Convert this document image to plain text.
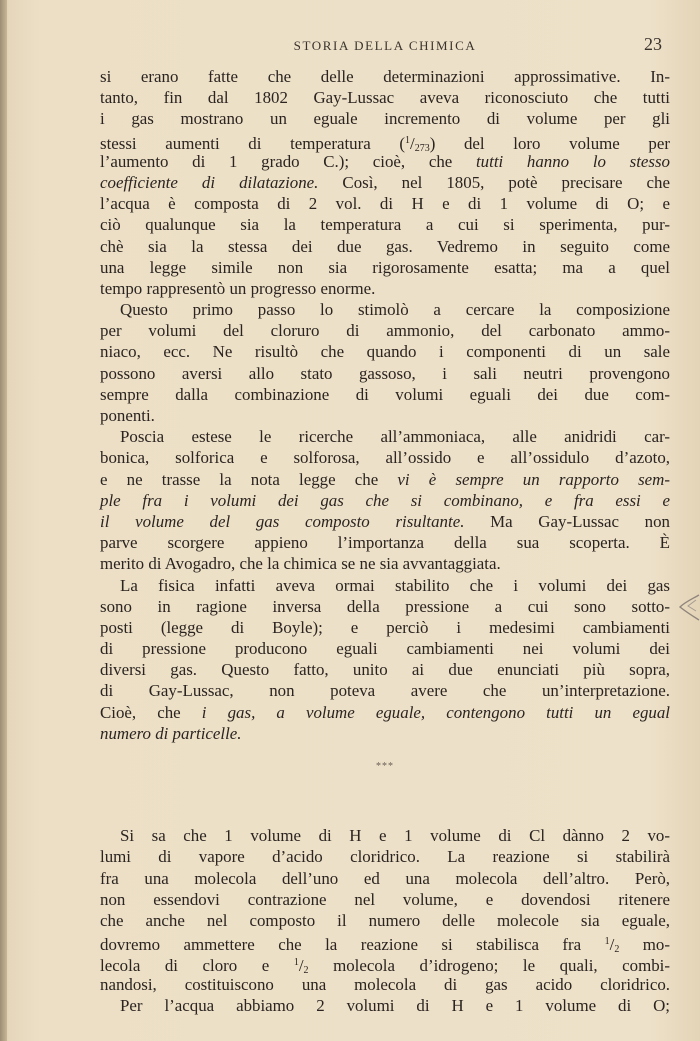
STORIA DELLA CHIMICA	23
si erano fatte che delle determinazioni approssimative. In-
tanto, fin dal 1802 Gay-Lussac aveva riconosciuto che tutti
i gas mostrano un eguale incremento di volume per gli
stessi aumenti di temperatura $(^1/_{273})$ del loro volume per
l’aumento di 1 grado C.); cioè, che tutti hanno lo stesso
coefficiente di dilatazione. Così, nel 1805, potè precisare che
l’acqua è composta di 2 vol. di H e di 1 volume di O; e
ciò qualunque sia la temperatura a cui si sperimenta, pur-
chè sia la stessa dei due gas. Vedremo in seguito come
una legge simile non sia rigorosamente esatta; ma a quel
tempo rappresentò un progresso enorme.
Questo primo passo lo stimolò a cercare la composizione
per volumi del cloruro di ammonio, del carbonato ammo-
niaco, ecc. Ne risultò che quando i componenti di un sale
possono aversi allo stato gassoso, i sali neutri provengono
sempre dalla combinazione di volumi eguali dei due com-
ponenti.
Poscia estese le ricerche all’ammoniaca, alle anidridi car-
bonica, solforica e solforosa, all’ossido e all’ossidulo d’azoto,
e ne trasse la nota legge che vi è sempre un rapporto sem-
ple fra i volumi dei gas che si combinano, e fra essi e
il volume del gas composto risultante. Ma Gay-Lussac non
parve scorgere appieno l’importanza della sua scoperta. È
merito di Avogadro, che la chimica se ne sia avvantaggiata.
La fisica infatti aveva ormai stabilito che i volumi dei gas
sono in ragione inversa della pressione a cui sono sotto-
posti (legge di Boyle); e perciò i medesimi cambiamenti
di pressione producono eguali cambiamenti nei volumi dei
diversi gas. Questo fatto, unito ai due enunciati più sopra,
di Gay-Lussac, non poteva avere che un’interpretazione.
Cioè, che i gas, a volume eguale, contengono tutti un egual
numero di particelle.
***
Si sa che 1 volume di H e 1 volume di Cl dànno 2 vo-
lumi di vapore d’acido cloridrico. La reazione si stabilirà
fra una molecola dell’uno ed una molecola dell’altro. Però,
non essendovi contrazione nel volume, e dovendosi ritenere
che anche nel composto il numero delle molecole sia eguale,
dovremo ammettere che la reazione si stabilisca fra $^1/_2$ mo-
lecola di cloro e $^1/_2$ molecola d’idrogeno; le quali, combi-
nandosi, costituiscono una molecola di gas acido cloridrico.
Per l’acqua abbiamo 2 volumi di H e 1 volume di O;
